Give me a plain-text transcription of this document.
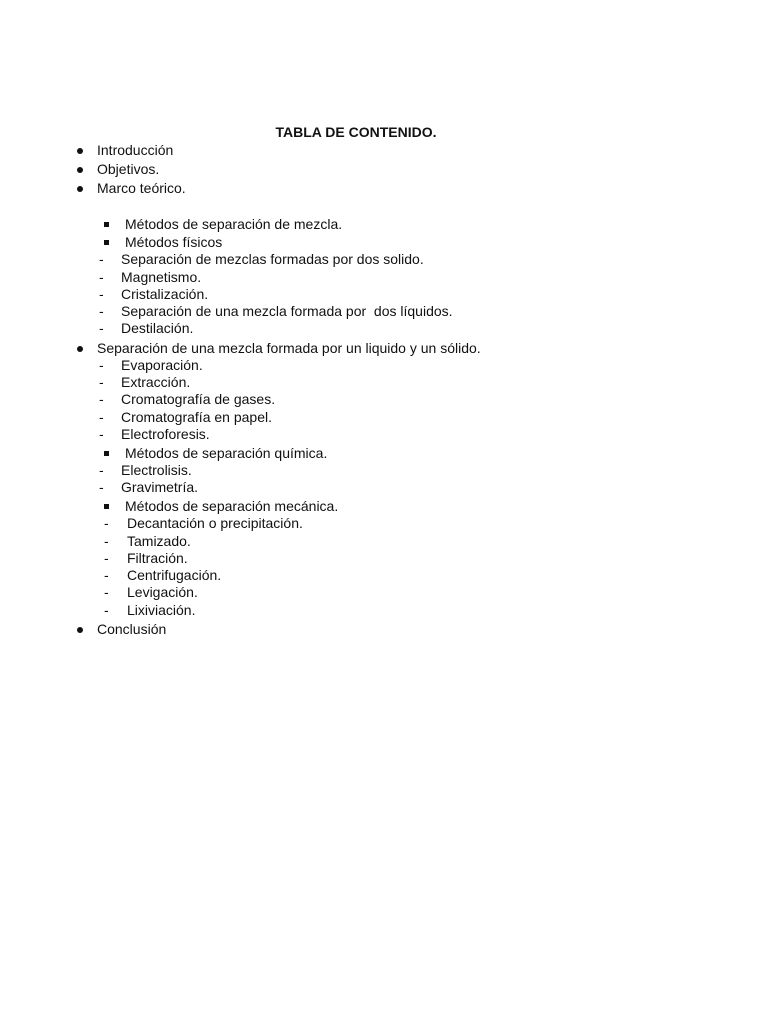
TABLA DE CONTENIDO.

Introducción

Objetivos.

Marco teórico.

Métodos de separación de mezcla.

Métodos físicos

-

Separación de mezclas formadas por dos solido.

-

Magnetismo.

-

Cristalización.

-

Separación de una mezcla formada por  dos líquidos.

-

Destilación.

Separación de una mezcla formada por un liquido y un sólido.

-

Evaporación.

-

Extracción.

-

Cromatografía de gases.

-

Cromatografía en papel.

-

Electroforesis.

Métodos de separación química.

-

Electrolisis.

-

Gravimetría.

Métodos de separación mecánica.

-

Decantación o precipitación.

-

Tamizado.

-

Filtración.

-

Centrifugación.

-

Levigación.

-

Lixiviación.

Conclusión
